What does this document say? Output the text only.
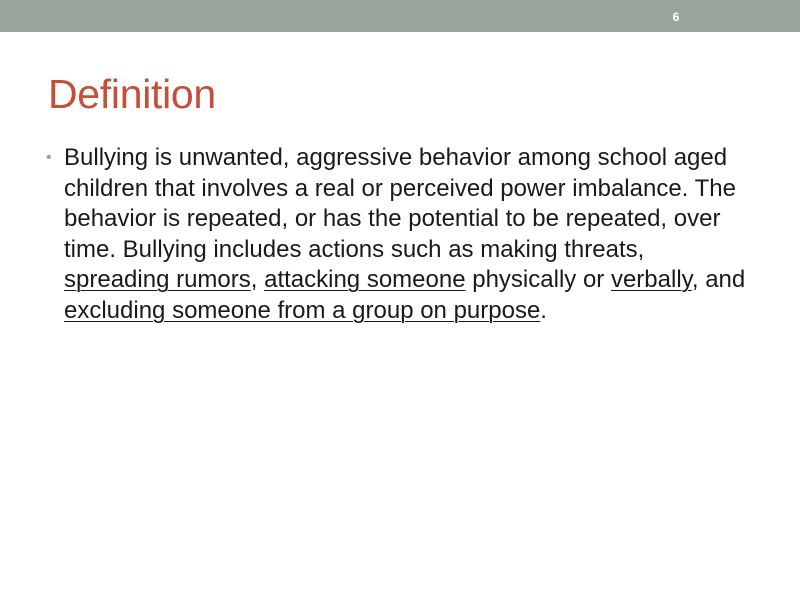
6
Definition
• Bullying is unwanted, aggressive behavior among school aged children that involves a real or perceived power imbalance. The behavior is repeated, or has the potential to be repeated, over time. Bullying includes actions such as making threats, spreading rumors, attacking someone physically or verbally, and excluding someone from a group on purpose.
